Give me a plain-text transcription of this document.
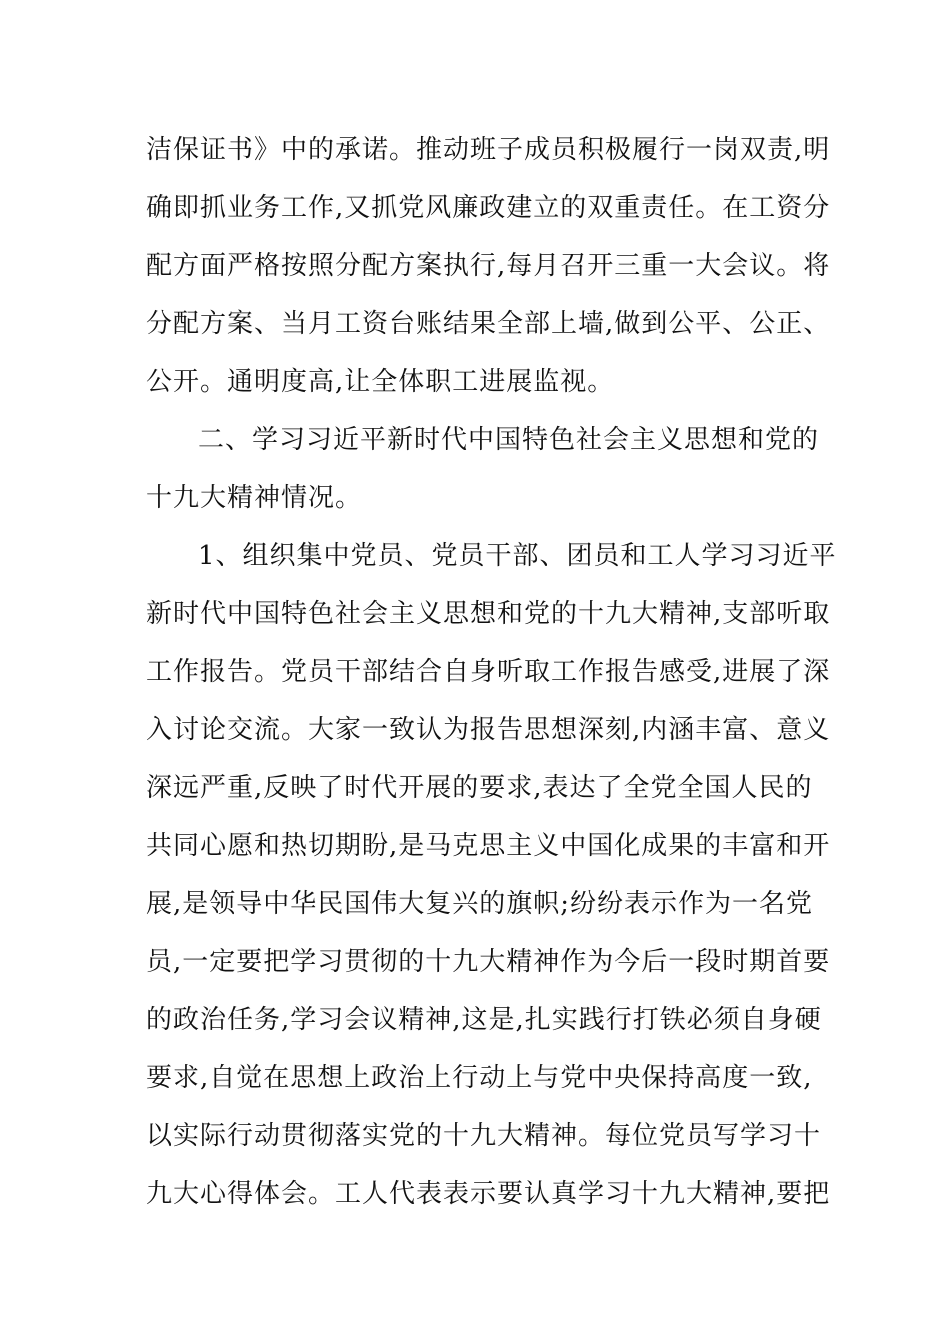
洁保证书》中的承诺。推动班子成员积极履行一岗双责,明
确即抓业务工作,又抓党风廉政建立的双重责任。在工资分
配方面严格按照分配方案执行,每月召开三重一大会议。将
分配方案、当月工资台账结果全部上墙,做到公平、公正、
公开。通明度高,让全体职工进展监视。
二、学习习近平新时代中国特色社会主义思想和党的
十九大精神情况。
1、组织集中党员、党员干部、团员和工人学习习近平
新时代中国特色社会主义思想和党的十九大精神,支部听取
工作报告。党员干部结合自身听取工作报告感受,进展了深
入讨论交流。大家一致认为报告思想深刻,内涵丰富、意义
深远严重,反映了时代开展的要求,表达了全党全国人民的
共同心愿和热切期盼,是马克思主义中国化成果的丰富和开
展,是领导中华民国伟大复兴的旗帜;纷纷表示作为一名党
员,一定要把学习贯彻的十九大精神作为今后一段时期首要
的政治任务,学习会议精神,这是,扎实践行打铁必须自身硬
要求,自觉在思想上政治上行动上与党中央保持高度一致,
以实际行动贯彻落实党的十九大精神。每位党员写学习十
九大心得体会。工人代表表示要认真学习十九大精神,要把
